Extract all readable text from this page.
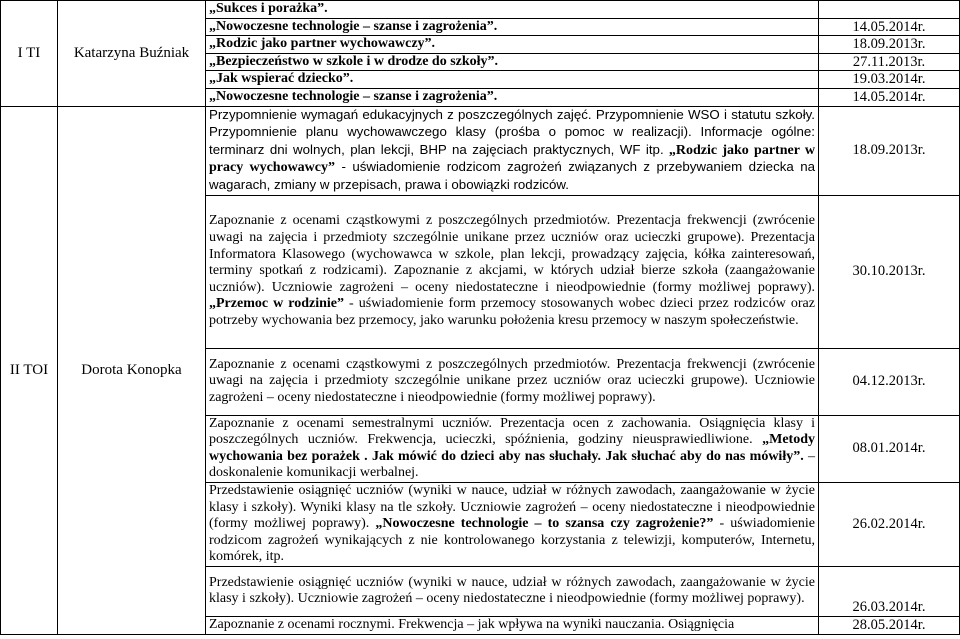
I TI	Katarzyna Buźniak	„Sukces i porażka”.	
		„Nowoczesne technologie – szanse i zagrożenia”.	14.05.2014r.
		„Rodzic jako partner wychowawczy”.	18.09.2013r.
		„Bezpieczeństwo w szkole i w drodze do szkoły”.	27.11.2013r.
		„Jak wspierać dziecko”.	19.03.2014r.
		„Nowoczesne technologie – szanse i zagrożenia”.	14.05.2014r.
II TOI	Dorota Konopka	Przypomnienie wymagań edukacyjnych z poszczególnych zajęć. Przypomnienie WSO i statutu szkoły. Przypomnienie planu wychowawczego klasy (prośba o pomoc w realizacji). Informacje ogólne: terminarz dni wolnych, plan lekcji, BHP na zajęciach praktycznych, WF itp. „Rodzic jako partner w pracy wychowawcy” - uświadomienie rodzicom zagrożeń związanych z przebywaniem dziecka na wagarach, zmiany w przepisach, prawa i obowiązki rodziców.	18.09.2013r.
		Zapoznanie z ocenami cząstkowymi z poszczególnych przedmiotów. Prezentacja frekwencji (zwrócenie uwagi na zajęcia i przedmioty szczególnie unikane przez uczniów oraz ucieczki grupowe). Prezentacja Informatora Klasowego (wychowawca w szkole, plan lekcji, prowadzący zajęcia, kółka zainteresowań, terminy spotkań z rodzicami). Zapoznanie z akcjami, w których udział bierze szkoła (zaangażowanie uczniów). Uczniowie zagrożeni – oceny niedostateczne i nieodpowiednie (formy możliwej poprawy). „Przemoc w rodzinie” - uświadomienie form przemocy stosowanych wobec dzieci przez rodziców oraz potrzeby wychowania bez przemocy, jako warunku położenia kresu przemocy w naszym społeczeństwie.	30.10.2013r.
		Zapoznanie z ocenami cząstkowymi z poszczególnych przedmiotów. Prezentacja frekwencji (zwrócenie uwagi na zajęcia i przedmioty szczególnie unikane przez uczniów oraz ucieczki grupowe). Uczniowie zagrożeni – oceny niedostateczne i nieodpowiednie (formy możliwej poprawy).	04.12.2013r.
		Zapoznanie z ocenami semestralnymi uczniów. Prezentacja ocen z zachowania. Osiągnięcia klasy i poszczególnych uczniów. Frekwencja, ucieczki, spóźnienia, godziny nieusprawiedliwione. „Metody wychowania bez porażek . Jak mówić do dzieci aby nas słuchały. Jak słuchać aby do nas mówiły”. – doskonalenie komunikacji werbalnej.	08.01.2014r.
		Przedstawienie osiągnięć uczniów (wyniki w nauce, udział w różnych zawodach, zaangażowanie w życie klasy i szkoły). Wyniki klasy na tle szkoły. Uczniowie zagrożeń – oceny niedostateczne i nieodpowiednie (formy możliwej poprawy). „Nowoczesne technologie – to szansa czy zagrożenie?” - uświadomienie rodzicom zagrożeń wynikających z nie kontrolowanego korzystania z telewizji, komputerów, Internetu, komórek, itp.	26.02.2014r.
		Przedstawienie osiągnięć uczniów (wyniki w nauce, udział w różnych zawodach, zaangażowanie w życie klasy i szkoły). Uczniowie zagrożeń – oceny niedostateczne i nieodpowiednie (formy możliwej poprawy).	26.03.2014r.
		Zapoznanie z ocenami rocznymi. Frekwencja – jak wpływa na wyniki nauczania. Osiągnięcia	28.05.2014r.
